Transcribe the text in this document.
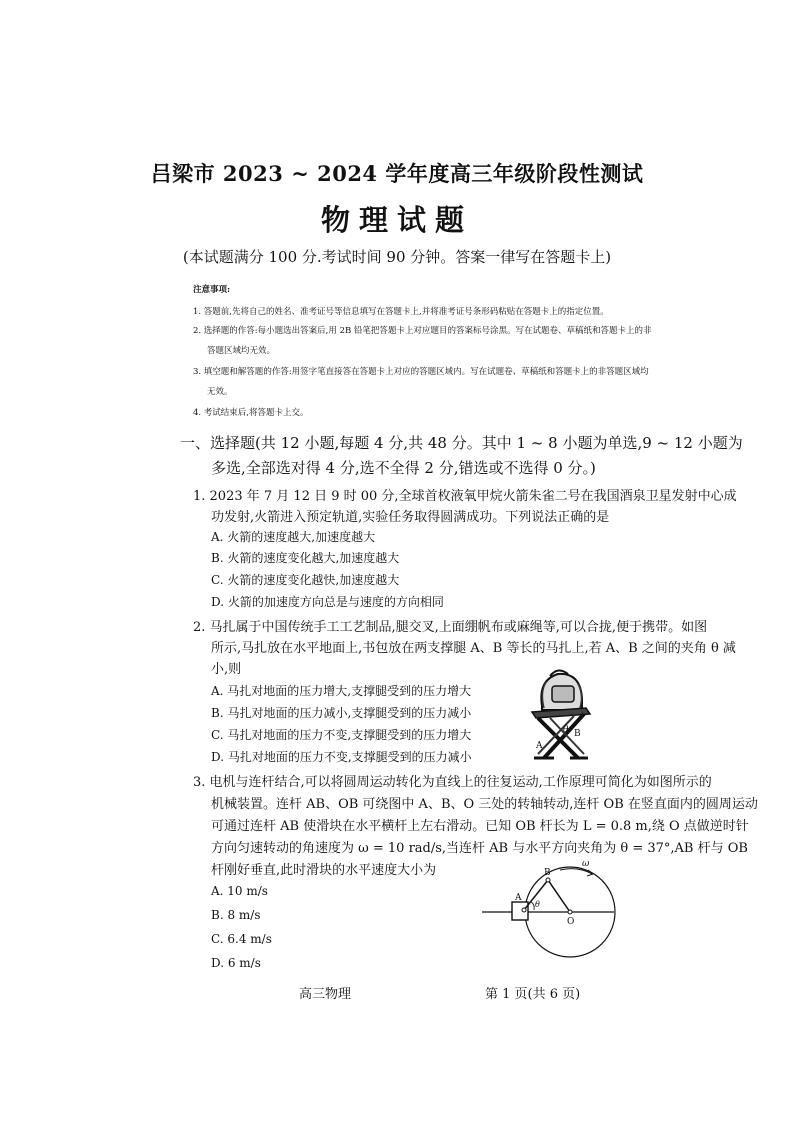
吕梁市 2023 ~ 2024 学年度高三年级阶段性测试
物理试题
(本试题满分 100 分.考试时间 90 分钟。答案一律写在答题卡上)
注意事项:
1. 答题前,先将自己的姓名、准考证号等信息填写在答题卡上,并将准考证号条形码粘贴在答题卡上的指定位置。
2. 选择题的作答:每小题选出答案后,用 2B 铅笔把答题卡上对应题目的答案标号涂黑。写在试题卷、草稿纸和答题卡上的非
答题区域均无效。
3. 填空题和解答题的作答:用签字笔直接答在答题卡上对应的答题区域内。写在试题卷、草稿纸和答题卡上的非答题区域均
无效。
4. 考试结束后,将答题卡上交。
一、选择题(共 12 小题,每题 4 分,共 48 分。其中 1 ~ 8 小题为单选,9 ~ 12 小题为
多选,全部选对得 4 分,选不全得 2 分,错选或不选得 0 分。)
1. 2023 年 7 月 12 日 9 时 00 分,全球首枚液氧甲烷火箭朱雀二号在我国酒泉卫星发射中心成
功发射,火箭进入预定轨道,实验任务取得圆满成功。下列说法正确的是
A. 火箭的速度越大,加速度越大
B. 火箭的速度变化越大,加速度越大
C. 火箭的速度变化越快,加速度越大
D. 火箭的加速度方向总是与速度的方向相同
2. 马扎属于中国传统手工工艺制品,腿交叉,上面绷帆布或麻绳等,可以合拢,便于携带。如图
所示,马扎放在水平地面上,书包放在两支撑腿 A、B 等长的马扎上,若 A、B 之间的夹角 θ 减
小,则
A. 马扎对地面的压力增大,支撑腿受到的压力增大
B. 马扎对地面的压力减小,支撑腿受到的压力减小
C. 马扎对地面的压力不变,支撑腿受到的压力增大
D. 马扎对地面的压力不变,支撑腿受到的压力减小
A
B
θ
3. 电机与连杆结合,可以将圆周运动转化为直线上的往复运动,工作原理可简化为如图所示的
机械装置。连杆 AB、OB 可绕图中 A、B、O 三处的转轴转动,连杆 OB 在竖直面内的圆周运动
可通过连杆 AB 使滑块在水平横杆上左右滑动。已知 OB 杆长为 L = 0.8 m,绕 O 点做逆时针
方向匀速转动的角速度为 ω = 10 rad/s,当连杆 AB 与水平方向夹角为 θ = 37°,AB 杆与 OB
杆刚好垂直,此时滑块的水平速度大小为
A. 10 m/s
B. 8 m/s
C. 6.4 m/s
D. 6 m/s
A
B
O
ω
θ
高三物理	第 1 页(共 6 页)
